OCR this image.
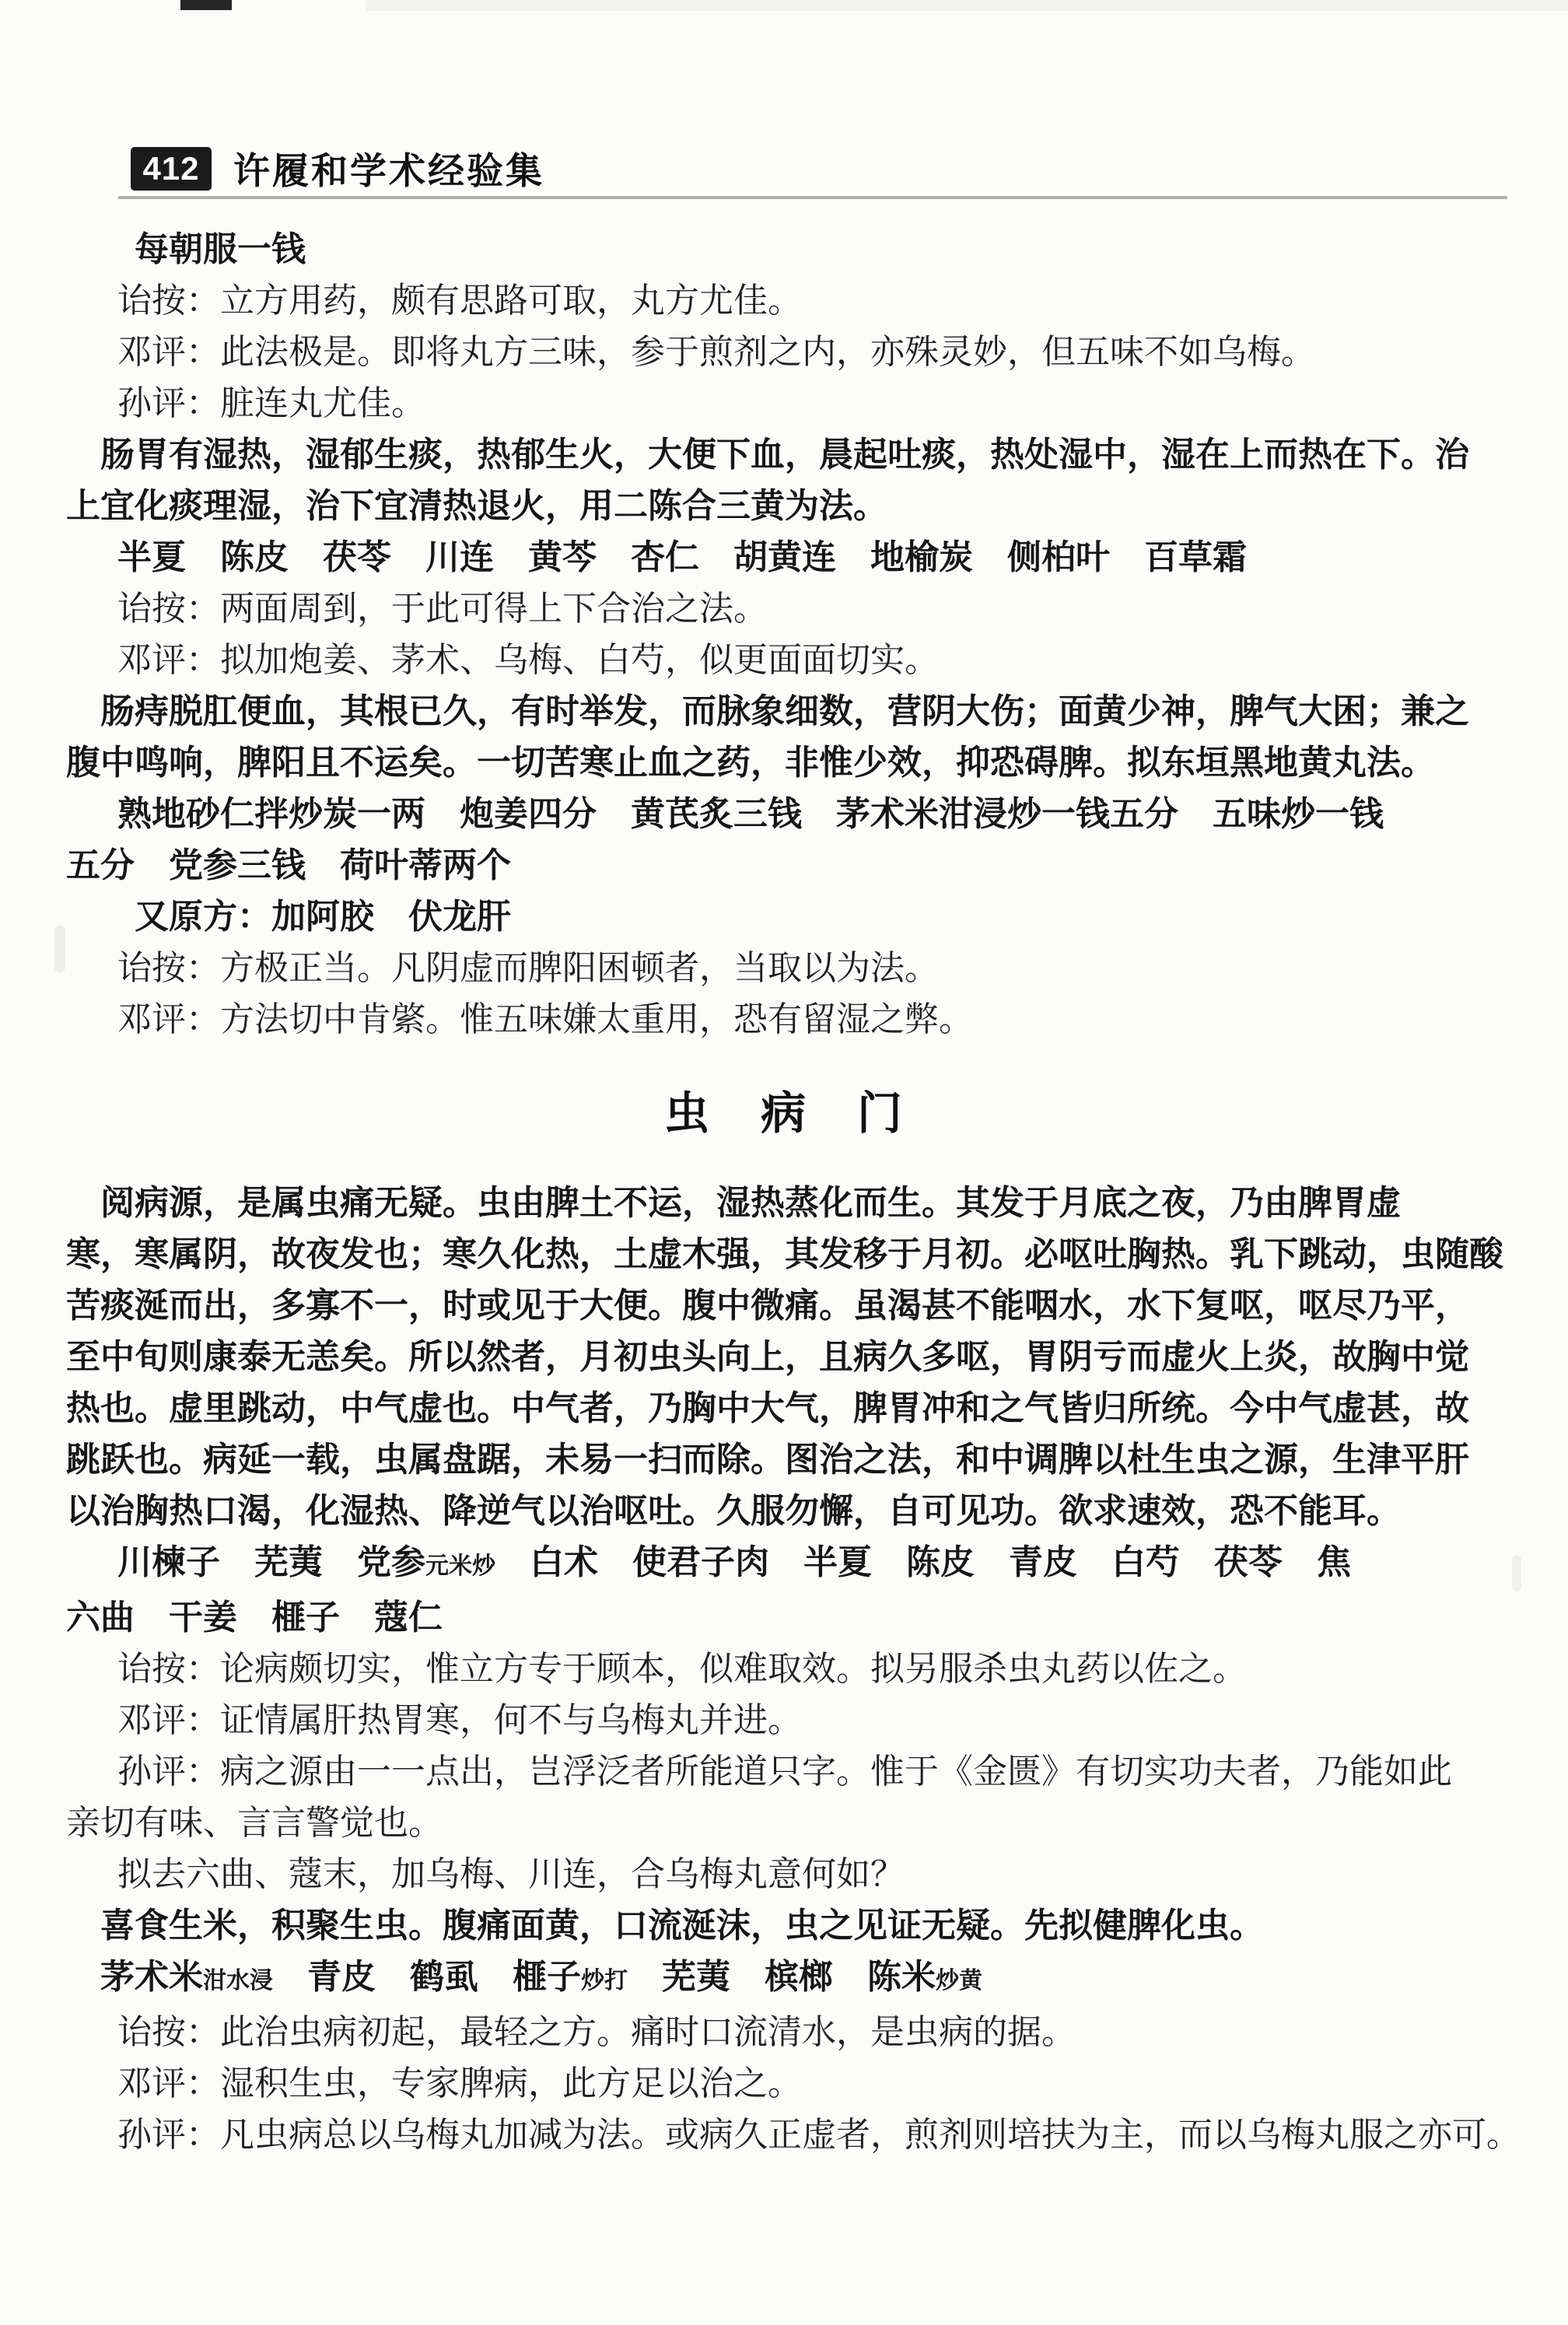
412 许履和学术经验集
每朝服一钱
诒按：立方用药，颇有思路可取，丸方尤佳。
邓评：此法极是。即将丸方三味，参于煎剂之内，亦殊灵妙，但五味不如乌梅。
孙评：脏连丸尤佳。
肠胃有湿热，湿郁生痰，热郁生火，大便下血，晨起吐痰，热处湿中，湿在上而热在下。治
上宜化痰理湿，治下宜清热退火，用二陈合三黄为法。
半夏　陈皮　茯苓　川连　黄芩　杏仁　胡黄连　地榆炭　侧柏叶　百草霜
诒按：两面周到，于此可得上下合治之法。
邓评：拟加炮姜、茅术、乌梅、白芍，似更面面切实。
肠痔脱肛便血，其根已久，有时举发，而脉象细数，营阴大伤；面黄少神，脾气大困；兼之
腹中鸣响，脾阳且不运矣。一切苦寒止血之药，非惟少效，抑恐碍脾。拟东垣黑地黄丸法。
熟地砂仁拌炒炭一两　炮姜四分　黄芪炙三钱　茅术米泔浸炒一钱五分　五味炒一钱
五分　党参三钱　荷叶蒂两个
又原方：加阿胶　伏龙肝
诒按：方极正当。凡阴虚而脾阳困顿者，当取以为法。
邓评：方法切中肯綮。惟五味嫌太重用，恐有留湿之弊。
虫　病　门
阅病源，是属虫痛无疑。虫由脾土不运，湿热蒸化而生。其发于月底之夜，乃由脾胃虚
寒，寒属阴，故夜发也；寒久化热，土虚木强，其发移于月初。必呕吐胸热。乳下跳动，虫随酸
苦痰涎而出，多寡不一，时或见于大便。腹中微痛。虽渴甚不能咽水，水下复呕，呕尽乃平，
至中旬则康泰无恙矣。所以然者，月初虫头向上，且病久多呕，胃阴亏而虚火上炎，故胸中觉
热也。虚里跳动，中气虚也。中气者，乃胸中大气，脾胃冲和之气皆归所统。今中气虚甚，故
跳跃也。病延一载，虫属盘踞，未易一扫而除。图治之法，和中调脾以杜生虫之源，生津平肝
以治胸热口渴，化湿热、降逆气以治呕吐。久服勿懈，自可见功。欲求速效，恐不能耳。
川楝子　芜荑　党参元米炒　白术　使君子肉　半夏　陈皮　青皮　白芍　茯苓　焦
六曲　干姜　榧子　蔻仁
诒按：论病颇切实，惟立方专于顾本，似难取效。拟另服杀虫丸药以佐之。
邓评：证情属肝热胃寒，何不与乌梅丸并进。
孙评：病之源由一一点出，岂浮泛者所能道只字。惟于《金匮》有切实功夫者，乃能如此
亲切有味、言言警觉也。
拟去六曲、蔻末，加乌梅、川连，合乌梅丸意何如？
喜食生米，积聚生虫。腹痛面黄，口流涎沫，虫之见证无疑。先拟健脾化虫。
茅术米泔水浸　青皮　鹤虱　榧子炒打　芜荑　槟榔　陈米炒黄
诒按：此治虫病初起，最轻之方。痛时口流清水，是虫病的据。
邓评：湿积生虫，专家脾病，此方足以治之。
孙评：凡虫病总以乌梅丸加减为法。或病久正虚者，煎剂则培扶为主，而以乌梅丸服之亦可。
